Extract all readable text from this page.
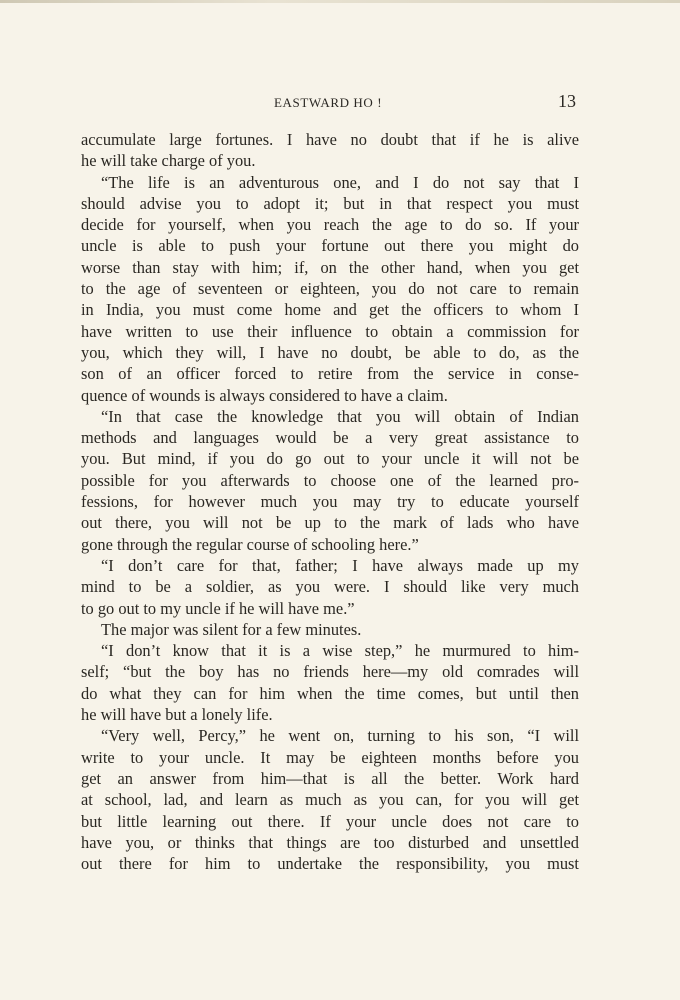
EASTWARD HO !	13
accumulate large fortunes. I have no doubt that if he is alive
he will take charge of you.
“The life is an adventurous one, and I do not say that I
should advise you to adopt it; but in that respect you must
decide for yourself, when you reach the age to do so. If your
uncle is able to push your fortune out there you might do
worse than stay with him; if, on the other hand, when you get
to the age of seventeen or eighteen, you do not care to remain
in India, you must come home and get the officers to whom I
have written to use their influence to obtain a commission for
you, which they will, I have no doubt, be able to do, as the
son of an officer forced to retire from the service in conse-
quence of wounds is always considered to have a claim.
“In that case the knowledge that you will obtain of Indian
methods and languages would be a very great assistance to
you. But mind, if you do go out to your uncle it will not be
possible for you afterwards to choose one of the learned pro-
fessions, for however much you may try to educate yourself
out there, you will not be up to the mark of lads who have
gone through the regular course of schooling here.”
“I don’t care for that, father; I have always made up my
mind to be a soldier, as you were. I should like very much
to go out to my uncle if he will have me.”
The major was silent for a few minutes.
“I don’t know that it is a wise step,” he murmured to him-
self; “but the boy has no friends here—my old comrades will
do what they can for him when the time comes, but until then
he will have but a lonely life.
“Very well, Percy,” he went on, turning to his son, “I will
write to your uncle. It may be eighteen months before you
get an answer from him—that is all the better. Work hard
at school, lad, and learn as much as you can, for you will get
but little learning out there. If your uncle does not care to
have you, or thinks that things are too disturbed and unsettled
out there for him to undertake the responsibility, you must
